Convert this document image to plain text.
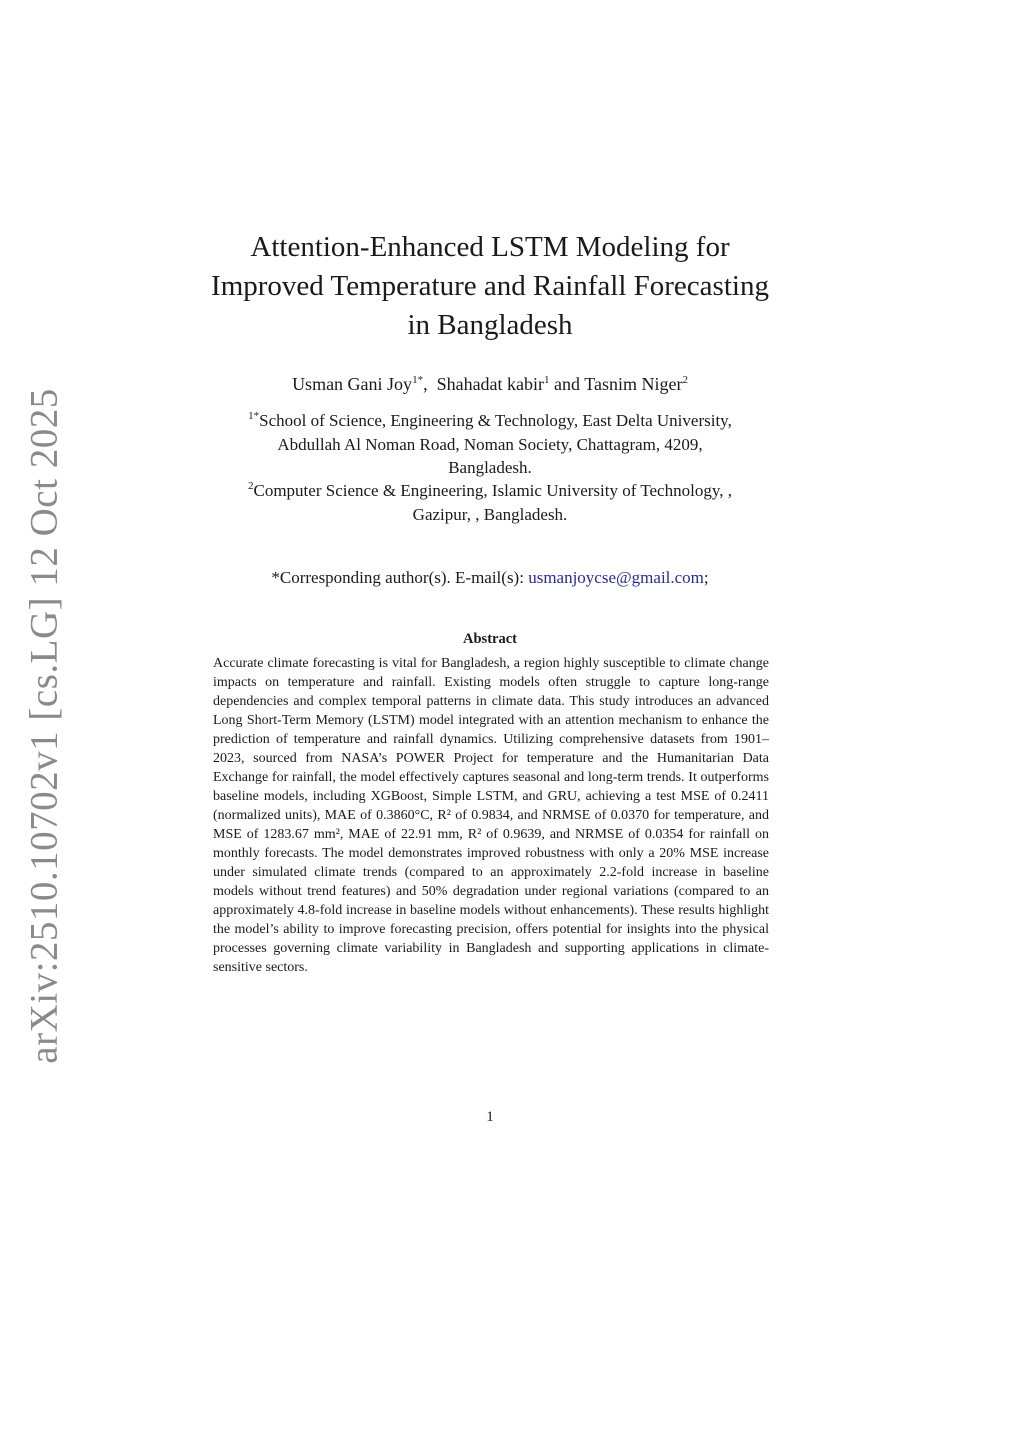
arXiv:2510.10702v1 [cs.LG] 12 Oct 2025
Attention-Enhanced LSTM Modeling for
Improved Temperature and Rainfall Forecasting
in Bangladesh
Usman Gani Joy$^{1*}$, Shahadat kabir$^1$ and Tasnim Niger$^2$
$^{1*}$School of Science, Engineering & Technology, East Delta University,
Abdullah Al Noman Road, Noman Society, Chattagram, 4209,
Bangladesh.
$^2$Computer Science & Engineering, Islamic University of Technology, ,
Gazipur, , Bangladesh.
*Corresponding author(s). E-mail(s): usmanjoycse@gmail.com;
Abstract
Accurate climate forecasting is vital for Bangladesh, a region highly susceptible to climate change impacts on temperature and rainfall. Existing models often struggle to capture long-range dependencies and complex temporal patterns in climate data. This study introduces an advanced Long Short-Term Memory (LSTM) model integrated with an attention mechanism to enhance the prediction of temperature and rainfall dynamics. Utilizing comprehensive datasets from 1901–2023, sourced from NASA’s POWER Project for temperature and the Humanitarian Data Exchange for rainfall, the model effectively captures seasonal and long-term trends. It outperforms baseline models, including XGBoost, Simple LSTM, and GRU, achieving a test MSE of 0.2411 (normalized units), MAE of 0.3860°C, R² of 0.9834, and NRMSE of 0.0370 for temperature, and MSE of 1283.67 mm², MAE of 22.91 mm, R² of 0.9639, and NRMSE of 0.0354 for rainfall on monthly forecasts. The model demonstrates improved robustness with only a 20% MSE increase under simulated climate trends (compared to an approximately 2.2-fold increase in baseline models without trend features) and 50% degradation under regional variations (compared to an approximately 4.8-fold increase in baseline models without enhancements). These results highlight the model’s ability to improve forecasting precision, offers potential for insights into the physical processes governing climate variability in Bangladesh and supporting applications in climate-sensitive sectors.
1
